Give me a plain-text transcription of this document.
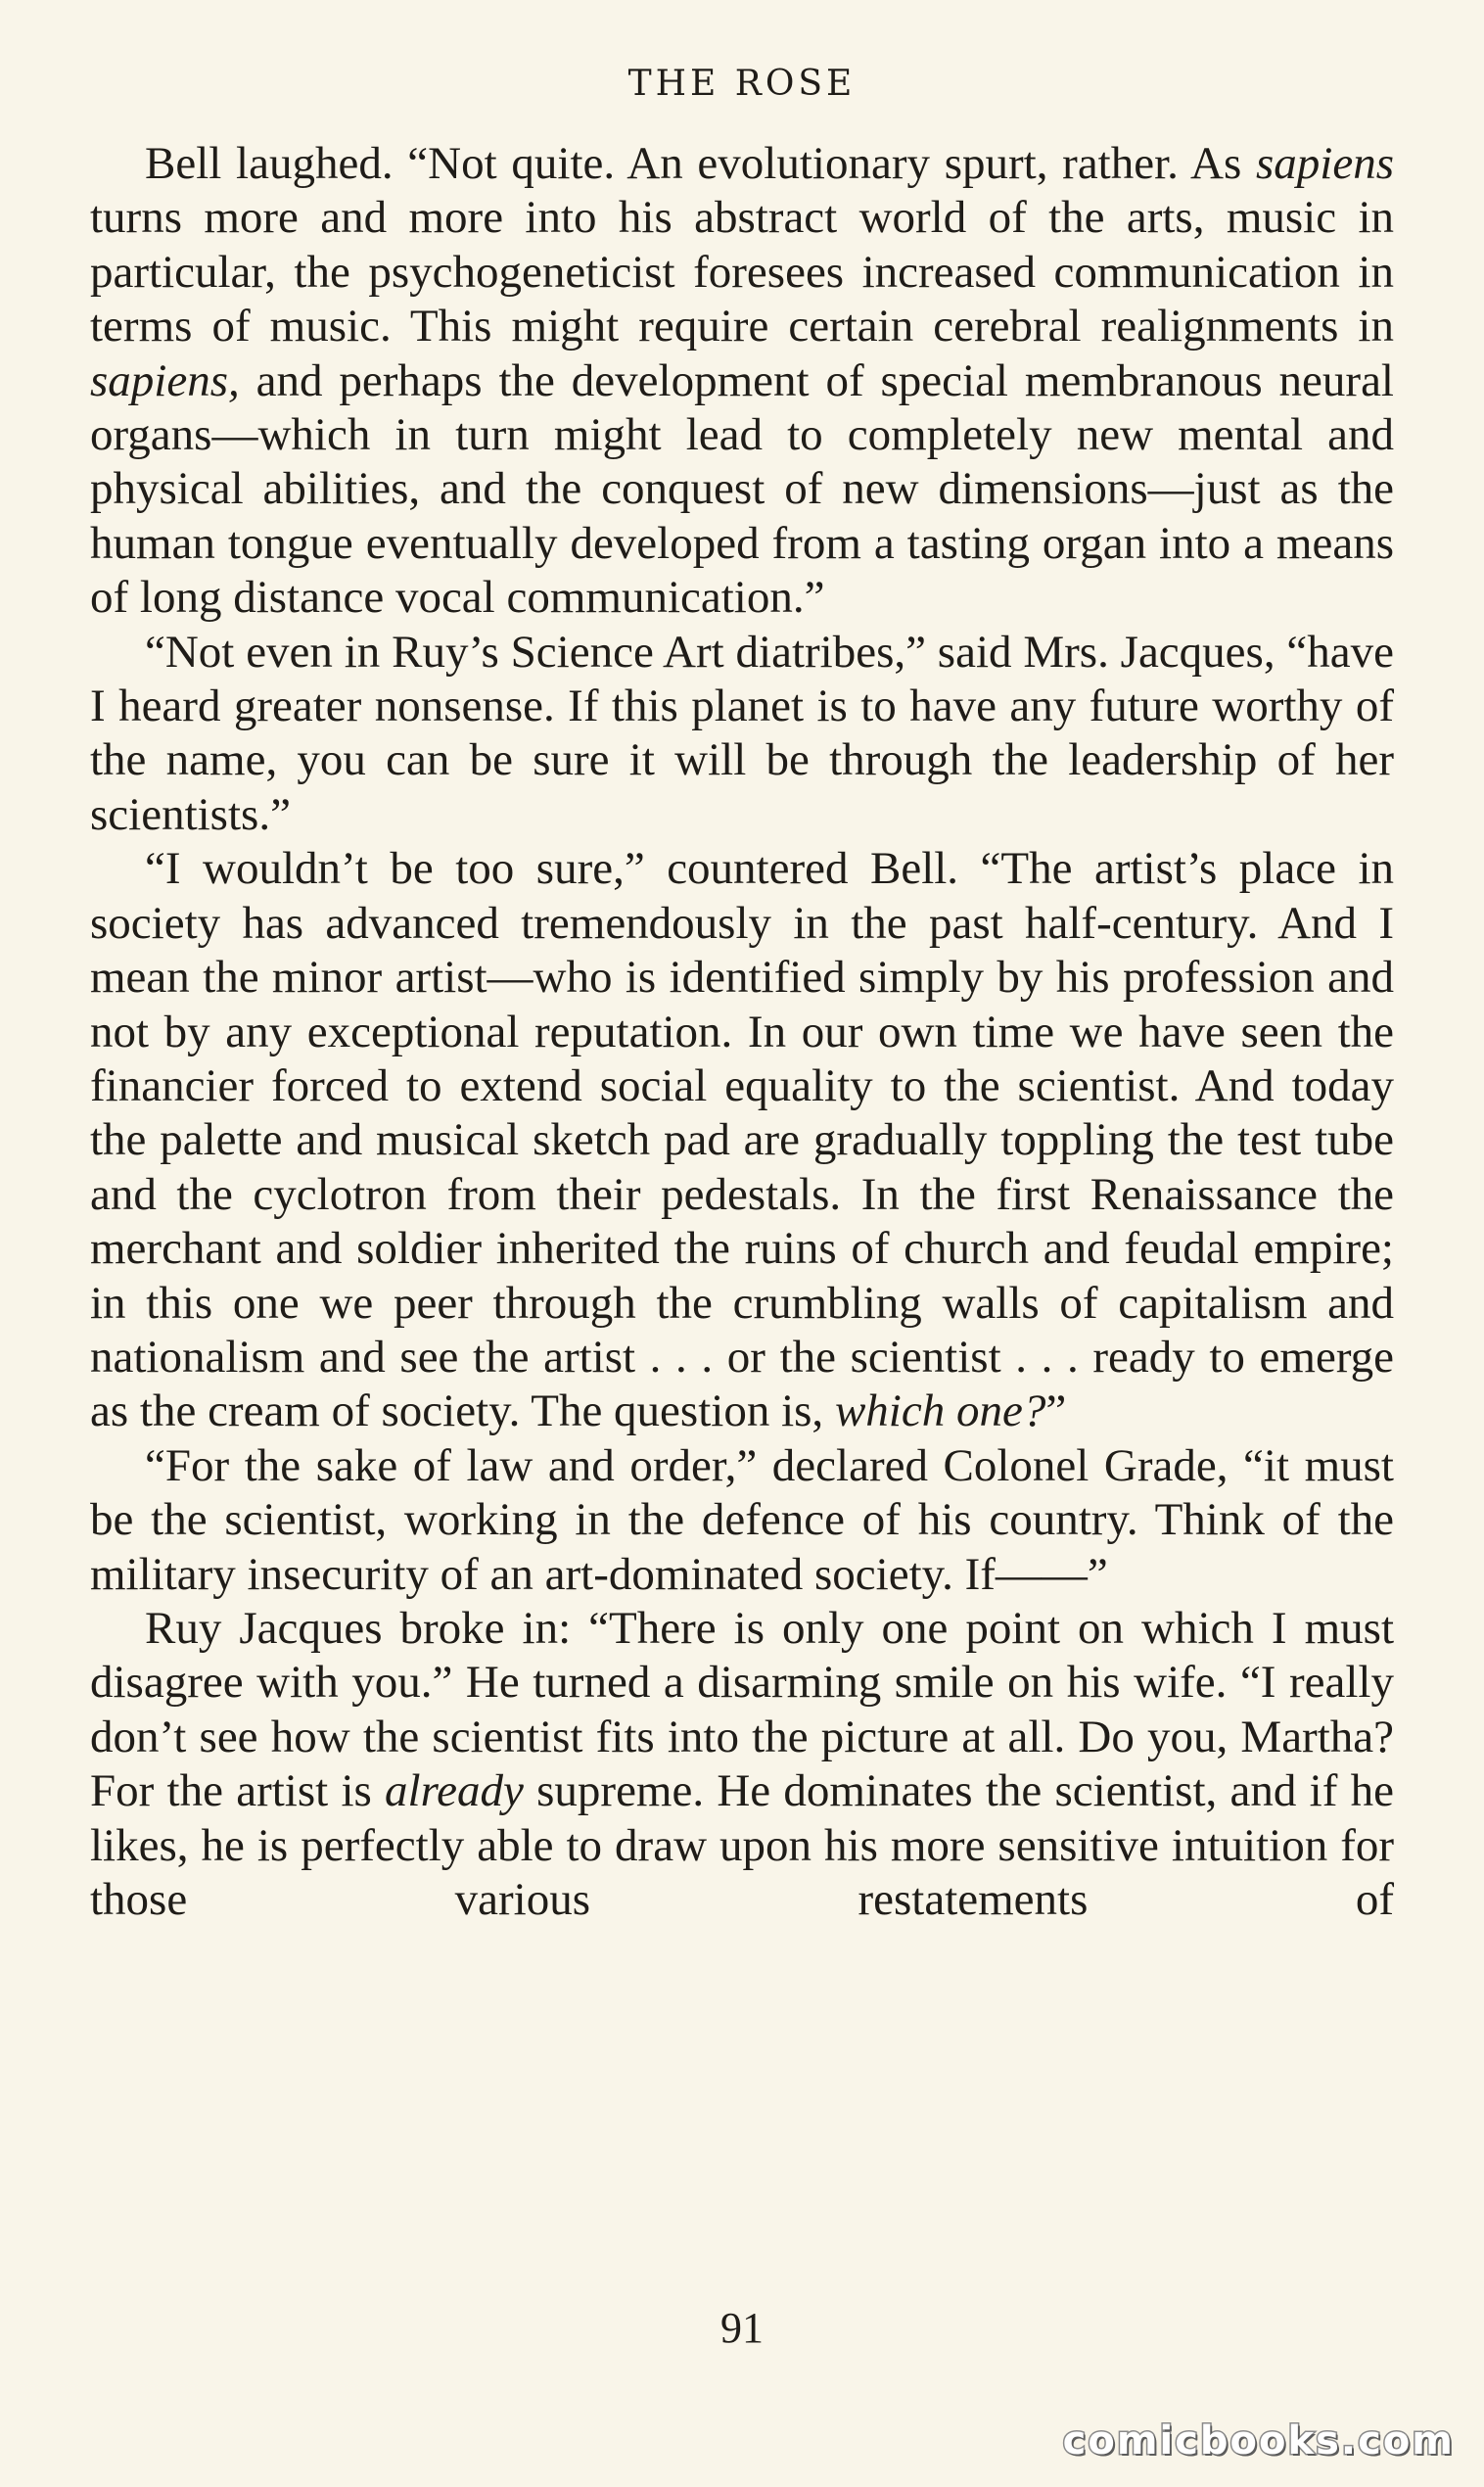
THE ROSE

Bell laughed. “Not quite. An evolutionary spurt, rather. As sapiens turns more and more into his abstract world of the arts, music in particular, the psychogeneticist foresees increased communication in terms of music. This might require certain cerebral realignments in sapiens, and perhaps the development of special membranous neural organs—which in turn might lead to completely new mental and physical abilities, and the conquest of new dimensions—just as the human tongue eventually developed from a tasting organ into a means of long distance vocal communication.”

“Not even in Ruy’s Science Art diatribes,” said Mrs. Jacques, “have I heard greater nonsense. If this planet is to have any future worthy of the name, you can be sure it will be through the leadership of her scientists.”

“I wouldn’t be too sure,” countered Bell. “The artist’s place in society has advanced tremendously in the past half-century. And I mean the minor artist—who is identified simply by his profession and not by any exceptional reputation. In our own time we have seen the financier forced to extend social equality to the scientist. And today the palette and musical sketch pad are gradually toppling the test tube and the cyclotron from their pedestals. In the first Renaissance the merchant and soldier inherited the ruins of church and feudal empire; in this one we peer through the crumbling walls of capitalism and nationalism and see the artist . . . or the scientist . . . ready to emerge as the cream of society. The question is, which one?”

“For the sake of law and order,” declared Colonel Grade, “it must be the scientist, working in the defence of his country. Think of the military insecurity of an art-dominated society. If——”

Ruy Jacques broke in: “There is only one point on which I must disagree with you.” He turned a disarming smile on his wife. “I really don’t see how the scientist fits into the picture at all. Do you, Martha? For the artist is already supreme. He dominates the scientist, and if he likes, he is perfectly able to draw upon his more sensitive intuition for those various restatements of

91
comicbooks.com
